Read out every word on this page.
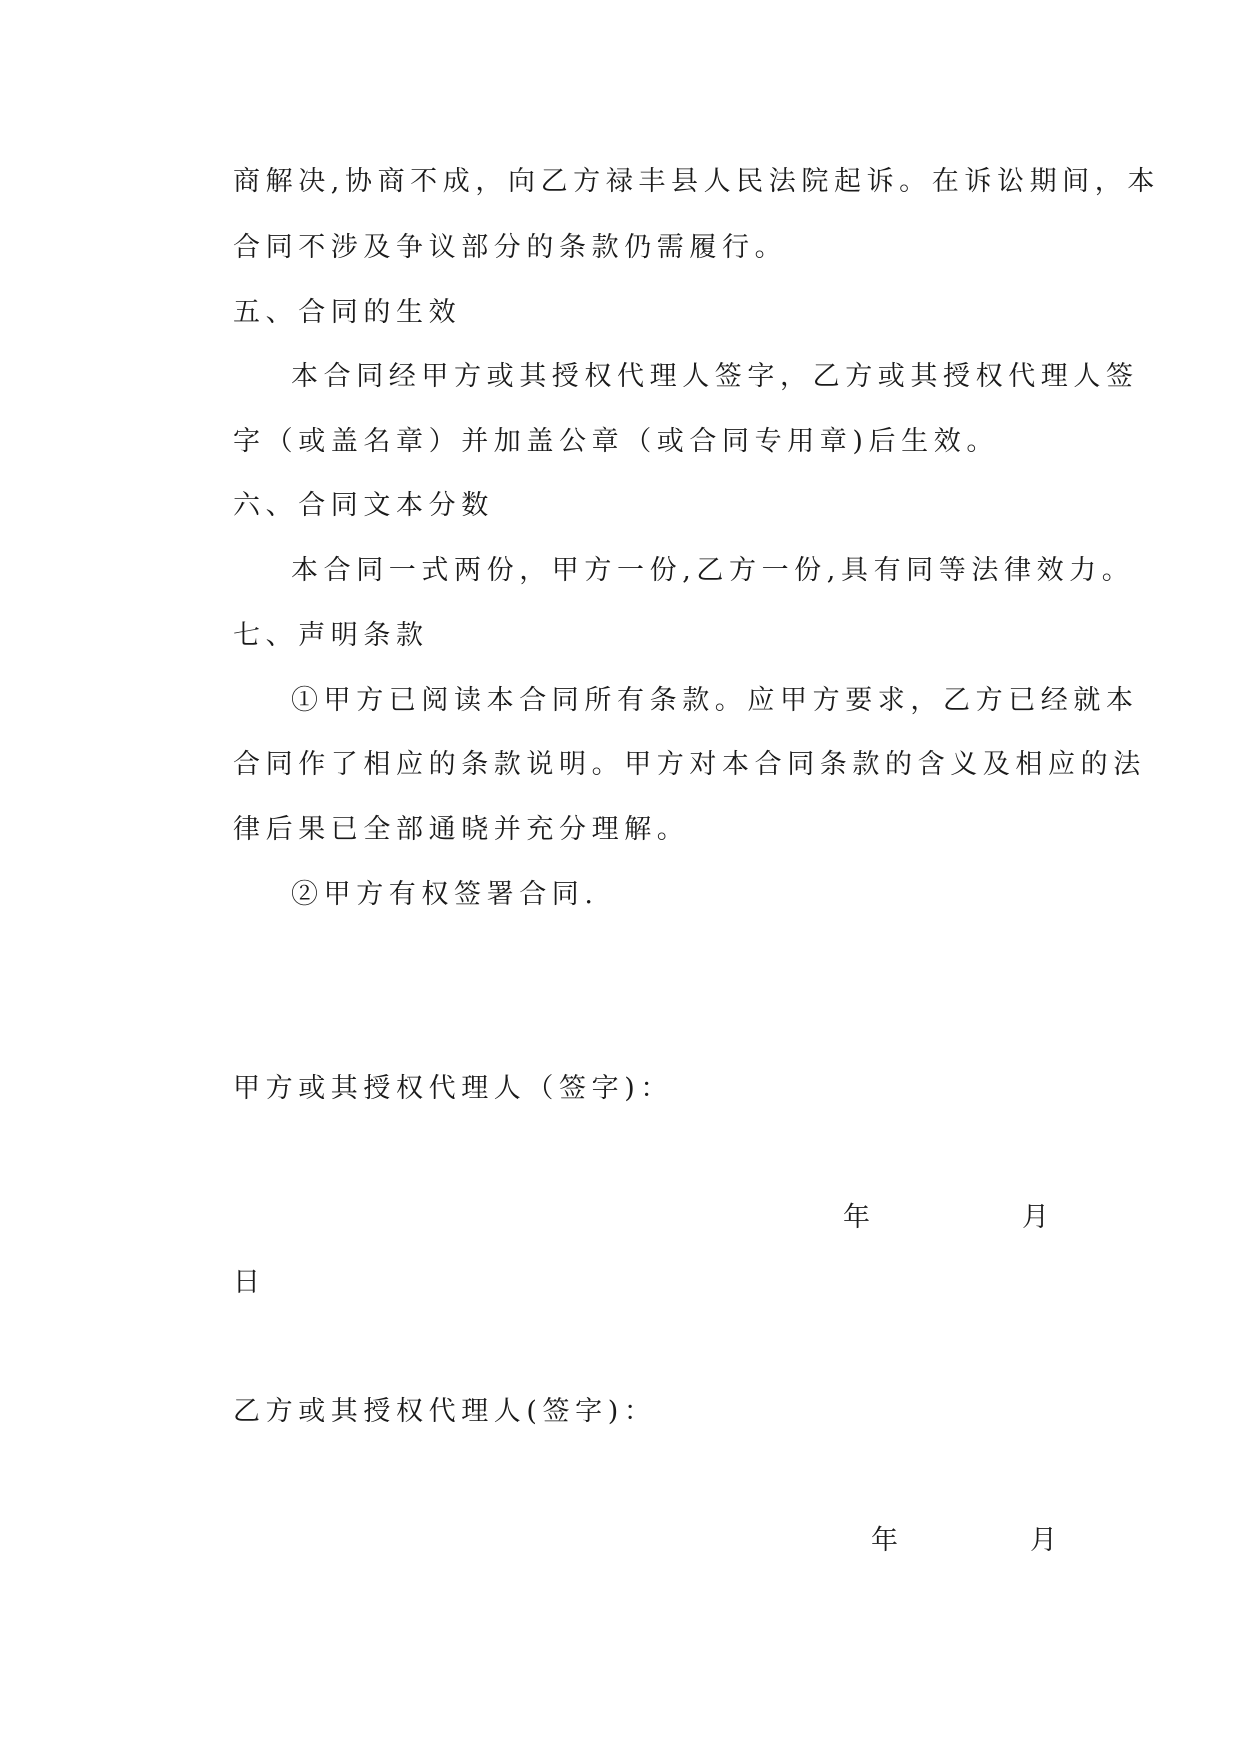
商解决,协商不成，向乙方禄丰县人民法院起诉。在诉讼期间，本
合同不涉及争议部分的条款仍需履行。
五、合同的生效
本合同经甲方或其授权代理人签字，乙方或其授权代理人签
字（或盖名章）并加盖公章（或合同专用章)后生效。
六、合同文本分数
本合同一式两份，甲方一份,乙方一份,具有同等法律效力。
七、声明条款
①甲方已阅读本合同所有条款。应甲方要求，乙方已经就本
合同作了相应的条款说明。甲方对本合同条款的含义及相应的法
律后果已全部通晓并充分理解。
②甲方有权签署合同.
甲方或其授权代理人（签字)：
年	月
日
乙方或其授权代理人(签字)：
年	月
